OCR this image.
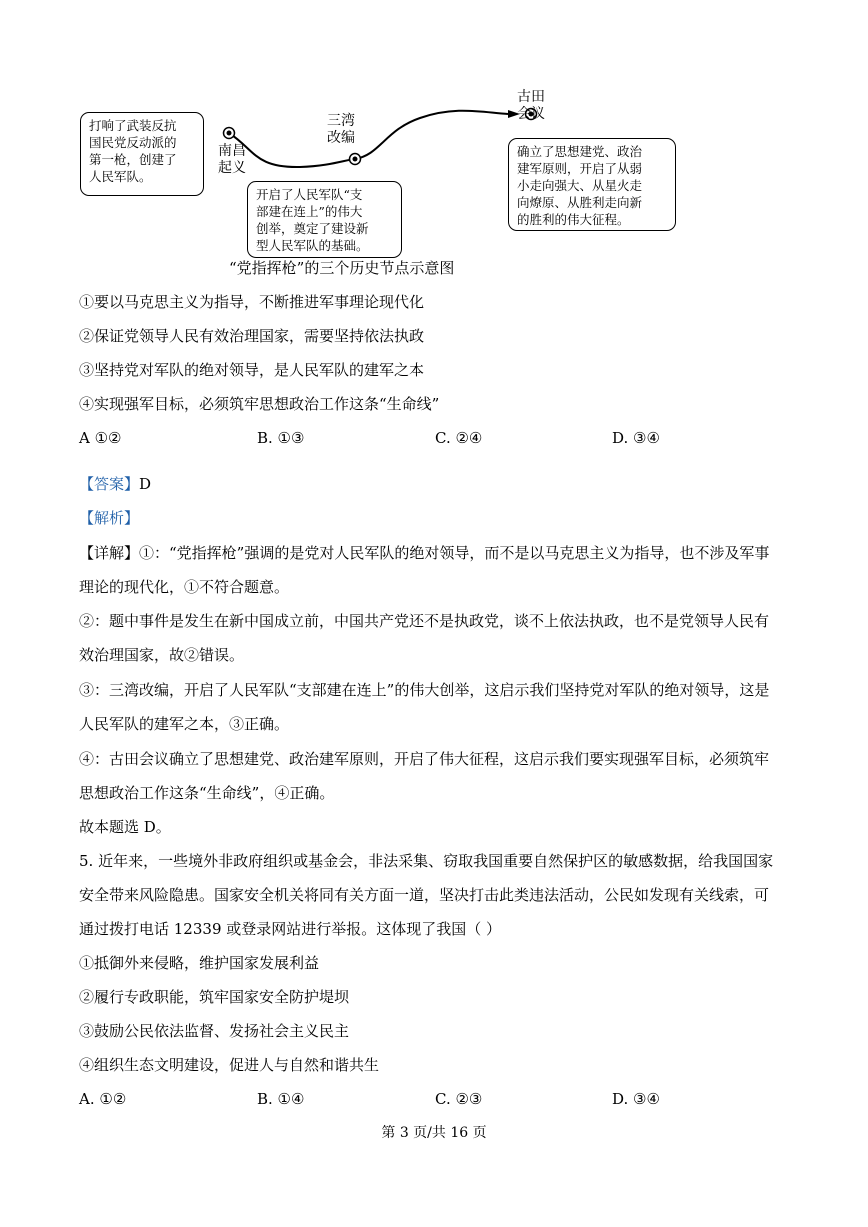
南昌
起义
三湾
改编
古田
会议
打响了武装反抗
国民党反动派的
第一枪，创建了
人民军队。
开启了人民军队“支
部建在连上”的伟大
创举，奠定了建设新
型人民军队的基础。
确立了思想建党、政治
建军原则，开启了从弱
小走向强大、从星火走
向燎原、从胜利走向新
的胜利的伟大征程。
“党指挥枪”的三个历史节点示意图
①要以马克思主义为指导，不断推进军事理论现代化
②保证党领导人民有效治理国家，需要坚持依法执政
③坚持党对军队的绝对领导，是人民军队的建军之本
④实现强军目标，必须筑牢思想政治工作这条“生命线”
A ①②	B. ①③	C. ②④	D. ③④
【答案】D
【解析】
【详解】①：“党指挥枪”强调的是党对人民军队的绝对领导，而不是以马克思主义为指导，也不涉及军事
理论的现代化，①不符合题意。
②：题中事件是发生在新中国成立前，中国共产党还不是执政党，谈不上依法执政，也不是党领导人民有
效治理国家，故②错误。
③：三湾改编，开启了人民军队“支部建在连上”的伟大创举，这启示我们坚持党对军队的绝对领导，这是
人民军队的建军之本，③正确。
④：古田会议确立了思想建党、政治建军原则，开启了伟大征程，这启示我们要实现强军目标，必须筑牢
思想政治工作这条“生命线”，④正确。
故本题选 D。
5. 近年来，一些境外非政府组织或基金会，非法采集、窃取我国重要自然保护区的敏感数据，给我国国家
安全带来风险隐患。国家安全机关将同有关方面一道，坚决打击此类违法活动，公民如发现有关线索，可
通过拨打电话 12339 或登录网站进行举报。这体现了我国（ ）
①抵御外来侵略，维护国家发展利益
②履行专政职能，筑牢国家安全防护堤坝
③鼓励公民依法监督、发扬社会主义民主
④组织生态文明建设，促进人与自然和谐共生
A. ①②	B. ①④	C. ②③	D. ③④
第 3 页/共 16 页
